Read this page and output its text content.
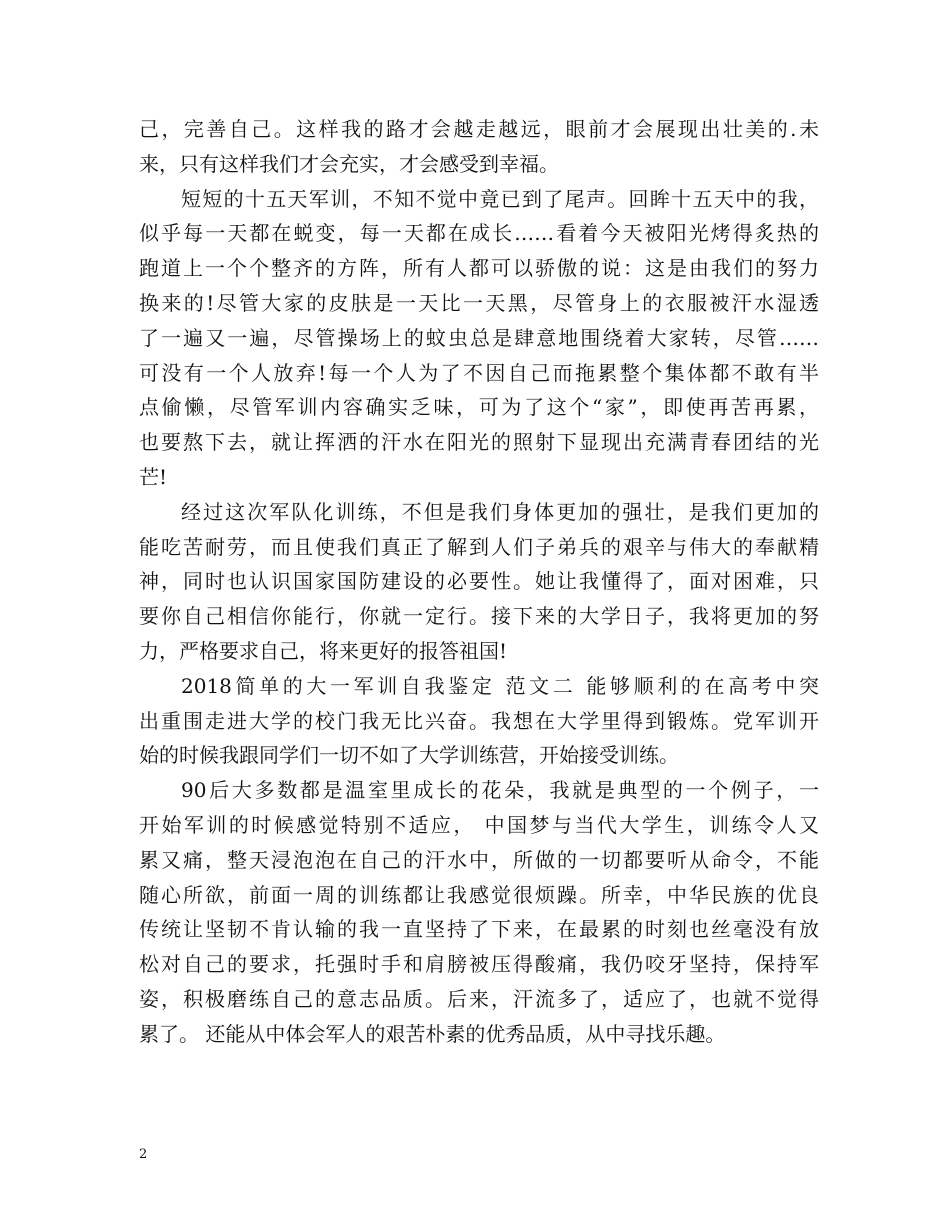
己，完善自己。这样我的路才会越走越远，眼前才会展现出壮美的.未
来，只有这样我们才会充实，才会感受到幸福。
短短的十五天军训，不知不觉中竟已到了尾声。回眸十五天中的我，
似乎每一天都在蜕变，每一天都在成长……看着今天被阳光烤得炙热的
跑道上一个个整齐的方阵，所有人都可以骄傲的说：这是由我们的努力
换来的!尽管大家的皮肤是一天比一天黑，尽管身上的衣服被汗水湿透
了一遍又一遍，尽管操场上的蚊虫总是肆意地围绕着大家转，尽管……
可没有一个人放弃!每一个人为了不因自己而拖累整个集体都不敢有半
点偷懒，尽管军训内容确实乏味，可为了这个“家”，即使再苦再累，
也要熬下去，就让挥洒的汗水在阳光的照射下显现出充满青春团结的光
芒!
经过这次军队化训练，不但是我们身体更加的强壮，是我们更加的
能吃苦耐劳，而且使我们真正了解到人们子弟兵的艰辛与伟大的奉献精
神，同时也认识国家国防建设的必要性。她让我懂得了，面对困难，只
要你自己相信你能行，你就一定行。接下来的大学日子，我将更加的努
力，严格要求自己，将来更好的报答祖国!
2018简单的大一军训自我鉴定 范文二 能够顺利的在高考中突
出重围走进大学的校门我无比兴奋。我想在大学里得到锻炼。党军训开
始的时候我跟同学们一切不如了大学训练营，开始接受训练。
90后大多数都是温室里成长的花朵，我就是典型的一个例子，一
开始军训的时候感觉特别不适应， 中国梦与当代大学生，训练令人又
累又痛，整天浸泡泡在自己的汗水中，所做的一切都要听从命令，不能
随心所欲，前面一周的训练都让我感觉很烦躁。所幸，中华民族的优良
传统让坚韧不肯认输的我一直坚持了下来，在最累的时刻也丝毫没有放
松对自己的要求，托强时手和肩膀被压得酸痛，我仍咬牙坚持，保持军
姿，积极磨练自己的意志品质。后来，汗流多了，适应了，也就不觉得
累了。 还能从中体会军人的艰苦朴素的优秀品质，从中寻找乐趣。
2
